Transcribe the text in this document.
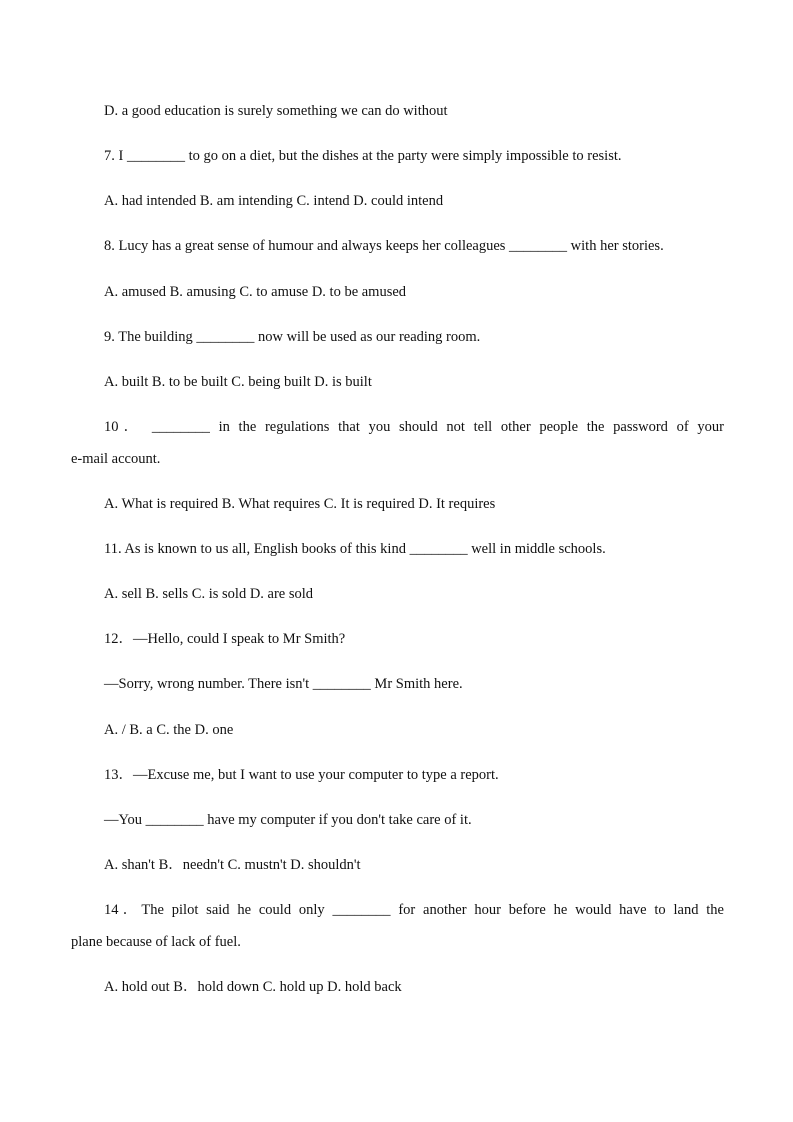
D. a good education is surely something we can do without
7. I ________ to go on a diet, but the dishes at the party were simply impossible to resist.
A. had intended B. am intending C. intend D. could intend
8. Lucy has a great sense of humour and always keeps her colleagues ________ with her stories.
A. amused B. amusing C. to amuse D. to be amused
9. The building ________ now will be used as our reading room.
A. built B. to be built C. being built D. is built
10． ________ in the regulations that you should not tell other people the password of your
e-mail account.
A. What is required B. What requires C. It is required D. It requires
11. As is known to us all, English books of this kind ________ well in middle schools.
A. sell B. sells C. is sold D. are sold
12．—Hello, could I speak to Mr Smith?
—Sorry, wrong number. There isn't ________ Mr Smith here.
A. / B. a C. the D. one
13．—Excuse me, but I want to use your computer to type a report.
—You ________ have my computer if you don't take care of it.
A. shan't B．needn't C. mustn't D. shouldn't
14．The pilot said he could only ________ for another hour before he would have to land the
plane because of lack of fuel.
A. hold out B．hold down C. hold up D. hold back
